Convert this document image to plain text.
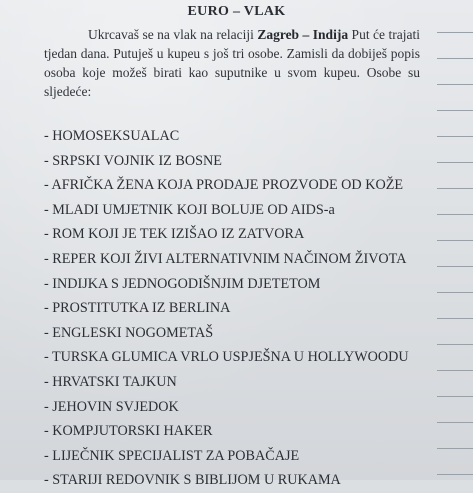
EURO – VLAK

Ukrcavaš se na vlak na relaciji Zagreb – Indija Put će trajati tjedan dana. Putuješ u kupeu s još tri osobe. Zamisli da dobiješ popis osoba koje možeš birati kao suputnike u svom kupeu. Osobe su sljedeće:

- HOMOSEKSUALAC
- SRPSKI VOJNIK IZ BOSNE
- AFRIČKA ŽENA KOJA PRODAJE PROZVODE OD KOŽE
- MLADI UMJETNIK KOJI BOLUJE OD AIDS-a
- ROM KOJI JE TEK IZIŠAO IZ ZATVORA
- REPER KOJI ŽIVI ALTERNATIVNIM NAČINOM ŽIVOTA
- INDIJKA S JEDNOGODIŠNJIM DJETETOM
- PROSTITUTKA IZ BERLINA
- ENGLESKI NOGOMETAŠ
- TURSKA GLUMICA VRLO USPJEŠNA U HOLLYWOODU
- HRVATSKI TAJKUN
- JEHOVIN SVJEDOK
- KOMPJUTORSKI HAKER
- LIJEČNIK SPECIJALIST ZA POBAČAJE
- STARIJI REDOVNIK S BIBLIJOM U RUKAMA
